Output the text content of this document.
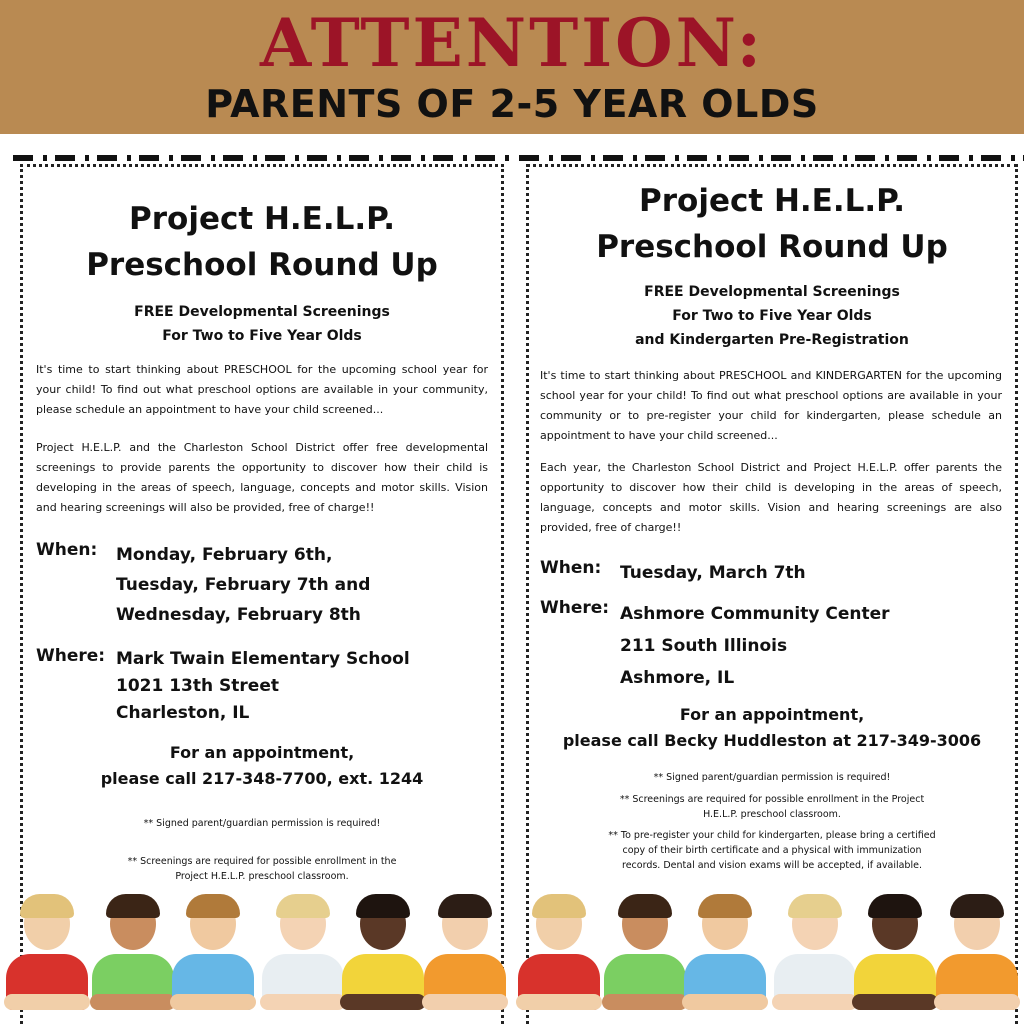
ATTENTION:
PARENTS OF 2-5 YEAR OLDS
Project H.E.L.P.
Preschool Round Up
FREE Developmental Screenings
For Two to Five Year Olds

It's time to start thinking about PRESCHOOL for the upcoming school year for your child! To find out what preschool options are available in your community, please schedule an appointment to have your child screened...

Project H.E.L.P. and the Charleston School District offer free developmental screenings to provide parents the opportunity to discover how their child is developing in the areas of speech, language, concepts and motor skills. Vision and hearing screenings will also be provided, free of charge!!

When:	Monday, February 6th,
Tuesday, February 7th and
Wednesday, February 8th
Where: Mark Twain Elementary School
1021 13th Street
Charleston, IL
For an appointment,
please call 217-348-7700, ext. 1244
** Signed parent/guardian permission is required!
** Screenings are required for possible enrollment in the Project H.E.L.P. preschool classroom.
Project H.E.L.P.
Preschool Round Up
FREE Developmental Screenings
For Two to Five Year Olds
and Kindergarten Pre-Registration

It's time to start thinking about PRESCHOOL and KINDERGARTEN for the upcoming school year for your child! To find out what preschool options are available in your community or to pre-register your child for kindergarten, please schedule an appointment to have your child screened...

Each year, the Charleston School District and Project H.E.L.P. offer parents the opportunity to discover how their child is developing in the areas of speech, language, concepts and motor skills. Vision and hearing screenings are also provided, free of charge!!

When:	Tuesday, March 7th
Where: Ashmore Community Center
211 South Illinois
Ashmore, IL
For an appointment,
please call Becky Huddleston at 217-349-3006
** Signed parent/guardian permission is required!
** Screenings are required for possible enrollment in the Project H.E.L.P. preschool classroom.
** To pre-register your child for kindergarten, please bring a certified copy of their birth certificate and a physical with immunization records. Dental and vision exams will be accepted, if available.
